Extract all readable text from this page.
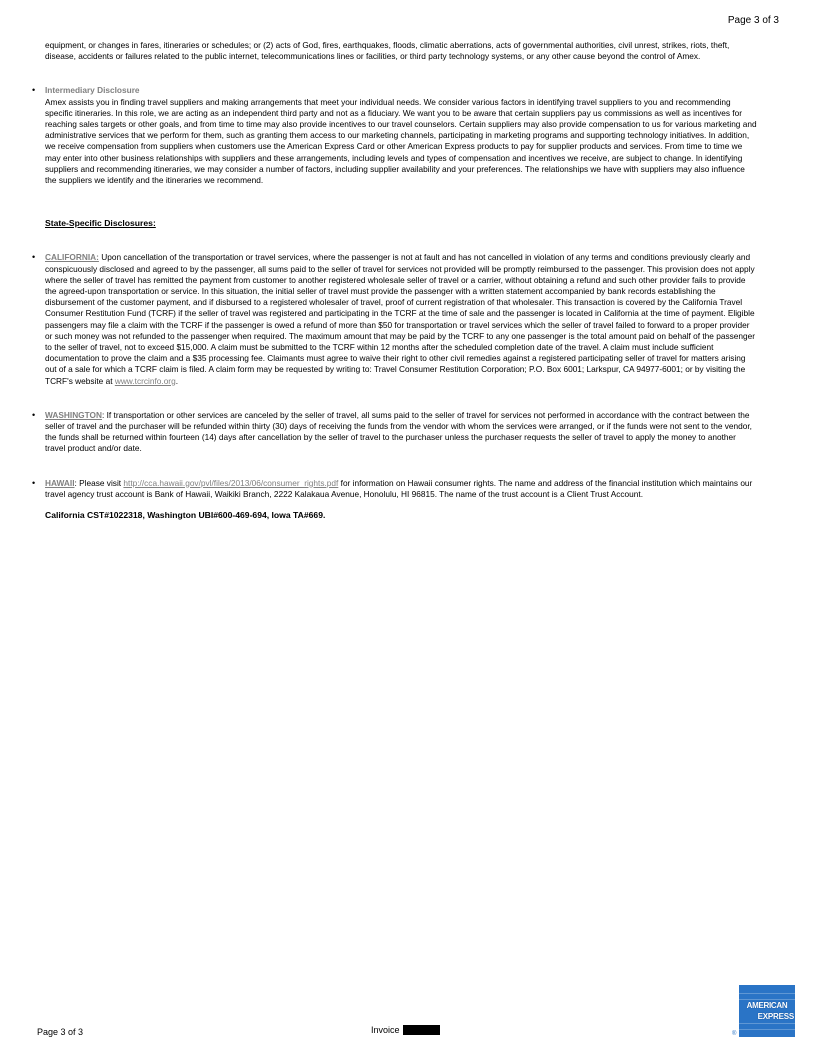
Page 3 of 3

equipment, or changes in fares, itineraries or schedules; or (2) acts of God, fires, earthquakes, floods, climatic aberrations, acts of governmental authorities, civil unrest, strikes, riots, theft, disease, accidents or failures related to the public internet, telecommunications lines or facilities, or third party technology systems, or any other cause beyond the control of Amex.

• Intermediary Disclosure

Amex assists you in finding travel suppliers and making arrangements that meet your individual needs. We consider various factors in identifying travel suppliers to you and recommending specific itineraries. In this role, we are acting as an independent third party and not as a fiduciary. We want you to be aware that certain suppliers pay us commissions as well as incentives for reaching sales targets or other goals, and from time to time may also provide incentives to our travel counselors. Certain suppliers may also provide compensation to us for various marketing and administrative services that we perform for them, such as granting them access to our marketing channels, participating in marketing programs and supporting technology initiatives. In addition, we receive compensation from suppliers when customers use the American Express Card or other American Express products to pay for supplier products and services. From time to time we may enter into other business relationships with suppliers and these arrangements, including levels and types of compensation and incentives we receive, are subject to change. In identifying suppliers and recommending itineraries, we may consider a number of factors, including supplier availability and your preferences. The relationships we have with suppliers may also influence the suppliers we identify and the itineraries we recommend.

State-Specific Disclosures:

• CALIFORNIA: Upon cancellation of the transportation or travel services, where the passenger is not at fault and has not cancelled in violation of any terms and conditions previously clearly and conspicuously disclosed and agreed to by the passenger, all sums paid to the seller of travel for services not provided will be promptly reimbursed to the passenger. This provision does not apply where the seller of travel has remitted the payment from customer to another registered wholesale seller of travel or a carrier, without obtaining a refund and such other provider fails to provide the agreed-upon transportation or service. In this situation, the initial seller of travel must provide the passenger with a written statement accompanied by bank records establishing the disbursement of the customer payment, and if disbursed to a registered wholesaler of travel, proof of current registration of that wholesaler. This transaction is covered by the California Travel Consumer Restitution Fund (TCRF) if the seller of travel was registered and participating in the TCRF at the time of sale and the passenger is located in California at the time of payment. Eligible passengers may file a claim with the TCRF if the passenger is owed a refund of more than $50 for transportation or travel services which the seller of travel failed to forward to a proper provider or such money was not refunded to the passenger when required. The maximum amount that may be paid by the TCRF to any one passenger is the total amount paid on behalf of the passenger to the seller of travel, not to exceed $15,000. A claim must be submitted to the TCRF within 12 months after the scheduled completion date of the travel. A claim must include sufficient documentation to prove the claim and a $35 processing fee. Claimants must agree to waive their right to other civil remedies against a registered participating seller of travel for matters arising out of a sale for which a TCRF claim is filed. A claim form may be requested by writing to: Travel Consumer Restitution Corporation; P.O. Box 6001; Larkspur, CA 94977-6001; or by visiting the TCRF's website at www.tcrcinfo.org.

• WASHINGTON: If transportation or other services are canceled by the seller of travel, all sums paid to the seller of travel for services not performed in accordance with the contract between the seller of travel and the purchaser will be refunded within thirty (30) days of receiving the funds from the vendor with whom the services were arranged, or if the funds were not sent to the vendor, the funds shall be returned within fourteen (14) days after cancellation by the seller of travel to the purchaser unless the purchaser requests the seller of travel to apply the money to another travel product and/or date.

• HAWAII: Please visit http://cca.hawaii.gov/pvl/files/2013/06/consumer_rights.pdf for information on Hawaii consumer rights. The name and address of the financial institution which maintains our travel agency trust account is Bank of Hawaii, Waikiki Branch, 2222 Kalakaua Avenue, Honolulu, HI 96815. The name of the trust account is a Client Trust Account.

California CST#1022318, Washington UBI#600-469-694, Iowa TA#669.

Page 3 of 3	Invoice
AMERICAN
EXPRESS
®
